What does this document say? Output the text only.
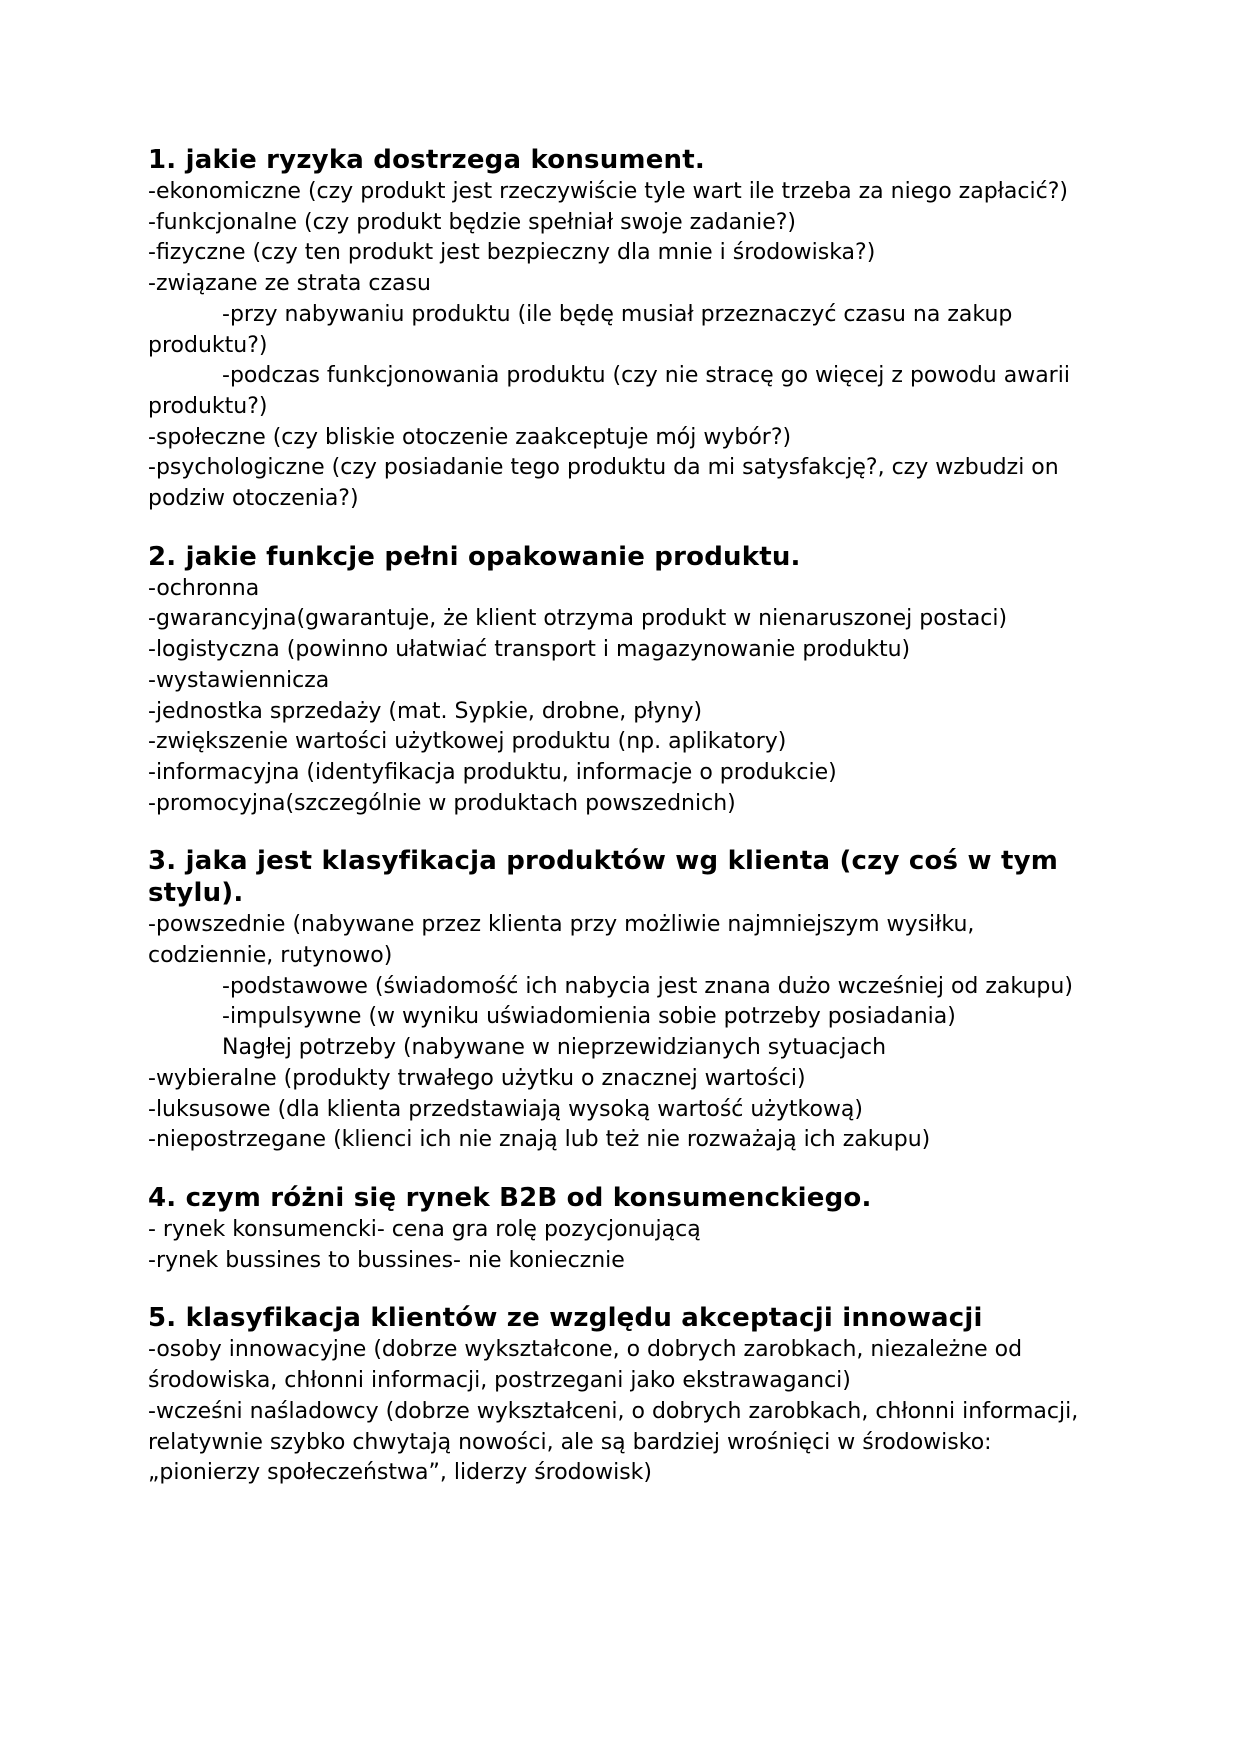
1. jakie ryzyka dostrzega konsument.

-ekonomiczne (czy produkt jest rzeczywiście tyle wart ile trzeba za niego zapłacić?)

-funkcjonalne (czy produkt będzie spełniał swoje zadanie?)

-fizyczne (czy ten produkt jest bezpieczny dla mnie i środowiska?)

-związane ze strata czasu

-przy nabywaniu produktu (ile będę musiał przeznaczyć czasu na zakup produktu?)

-podczas funkcjonowania produktu (czy nie stracę go więcej z powodu awarii produktu?)

-społeczne (czy bliskie otoczenie zaakceptuje mój wybór?)

-psychologiczne (czy posiadanie tego produktu da mi satysfakcję?, czy wzbudzi on podziw otoczenia?)

2. jakie funkcje pełni opakowanie produktu.

-ochronna

-gwarancyjna(gwarantuje, że klient otrzyma produkt w nienaruszonej postaci)

-logistyczna (powinno ułatwiać transport i magazynowanie produktu)

-wystawiennicza

-jednostka sprzedaży (mat. Sypkie, drobne, płyny)

-zwiększenie wartości użytkowej produktu (np. aplikatory)

-informacyjna (identyfikacja produktu, informacje o produkcie)

-promocyjna(szczególnie w produktach powszednich)

3. jaka jest klasyfikacja produktów wg klienta (czy coś w tym stylu).

-powszednie (nabywane przez klienta przy możliwie najmniejszym wysiłku, codziennie, rutynowo)

-podstawowe (świadomość ich nabycia jest znana dużo wcześniej od zakupu)

-impulsywne (w wyniku uświadomienia sobie potrzeby posiadania)

Nagłej potrzeby (nabywane w nieprzewidzianych sytuacjach

-wybieralne (produkty trwałego użytku o znacznej wartości)

-luksusowe (dla klienta przedstawiają wysoką wartość użytkową)

-niepostrzegane (klienci ich nie znają lub też nie rozważają ich zakupu)

4. czym różni się rynek B2B od konsumenckiego.

- rynek konsumencki- cena gra rolę pozycjonującą

-rynek bussines to bussines- nie koniecznie

5. klasyfikacja klientów ze względu akceptacji innowacji

-osoby innowacyjne (dobrze wykształcone, o dobrych zarobkach, niezależne od środowiska, chłonni informacji, postrzegani jako ekstrawaganci)

-wcześni naśladowcy (dobrze wykształceni, o dobrych zarobkach, chłonni informacji, relatywnie szybko chwytają nowości, ale są bardziej wrośnięci w środowisko: „pionierzy społeczeństwa”, liderzy środowisk)
